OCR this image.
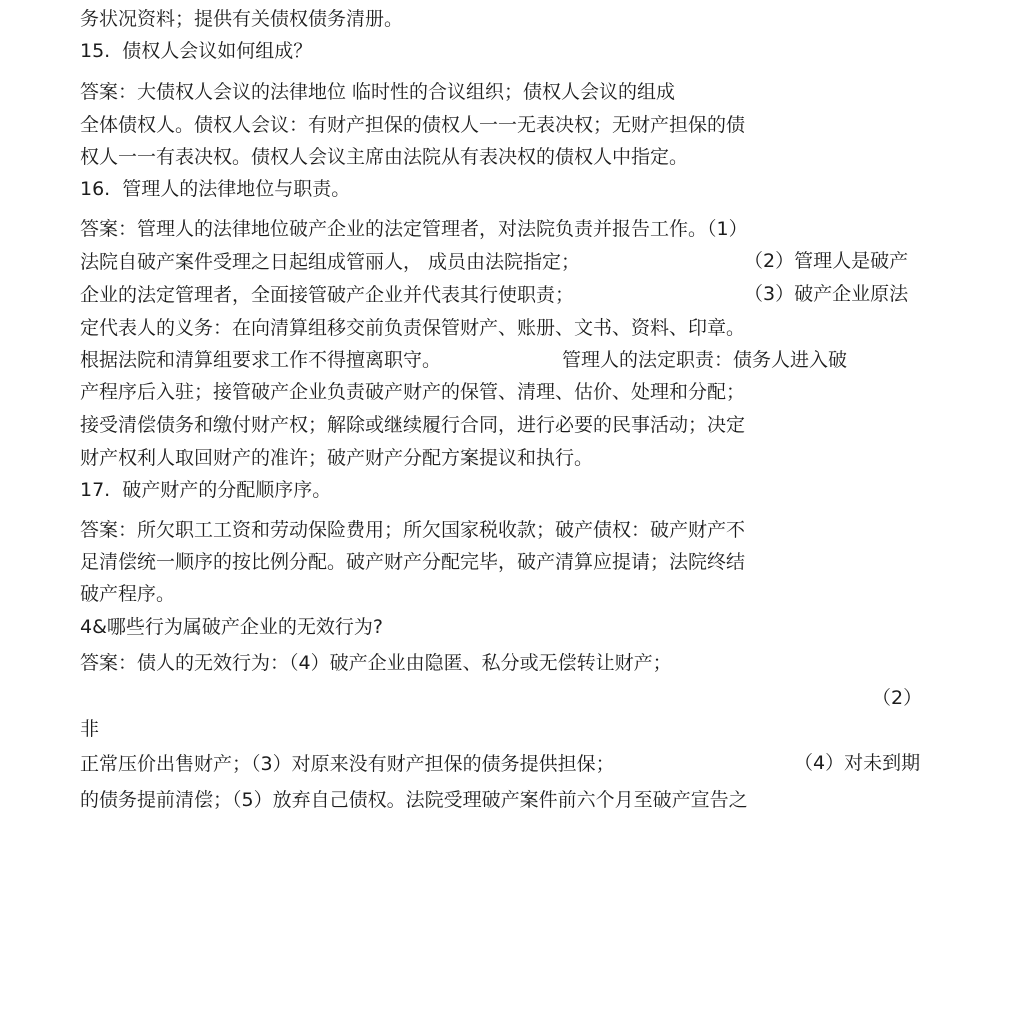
务状况资料；提供有关债权债务清册。
15.  债权人会议如何组成？
答案：大债权人会议的法律地位 临时性的合议组织；债权人会议的组成
全体债权人。债权人会议：有财产担保的债权人一一无表决权；无财产担保的债
权人一一有表决权。债权人会议主席由法院从有表决权的债权人中指定。
16.  管理人的法律地位与职责。
答案：管理人的法律地位破产企业的法定管理者，对法院负责并报告工作。（1）
法院自破产案件受理之日起组成管丽人， 成员由法院指定；	（2）管理人是破产
企业的法定管理者，全面接管破产企业并代表其行使职责；	（3）破产企业原法
定代表人的义务：在向清算组移交前负责保管财产、账册、文书、资料、印章。
根据法院和清算组要求工作不得擅离职守。	管理人的法定职责：债务人进入破
产程序后入驻；接管破产企业负责破产财产的保管、清理、估价、处理和分配；
接受清偿债务和缴付财产权；解除或继续履行合同，进行必要的民事活动；决定
财产权利人取回财产的准许；破产财产分配方案提议和执行。
17.  破产财产的分配顺序序。
答案：所欠职工工资和劳动保险费用；所欠国家税收款；破产债权：破产财产不
足清偿统一顺序的按比例分配。破产财产分配完毕，破产清算应提请；法院终结
破产程序。
4&哪些行为属破产企业的无效行为?
答案：债人的无效行为：（4）破产企业由隐匿、私分或无偿转让财产；
（2）
非
正常压价出售财产；（3）对原来没有财产担保的债务提供担保；	（4）对未到期
的债务提前清偿；（5）放弃自己债权。法院受理破产案件前六个月至破产宣告之
